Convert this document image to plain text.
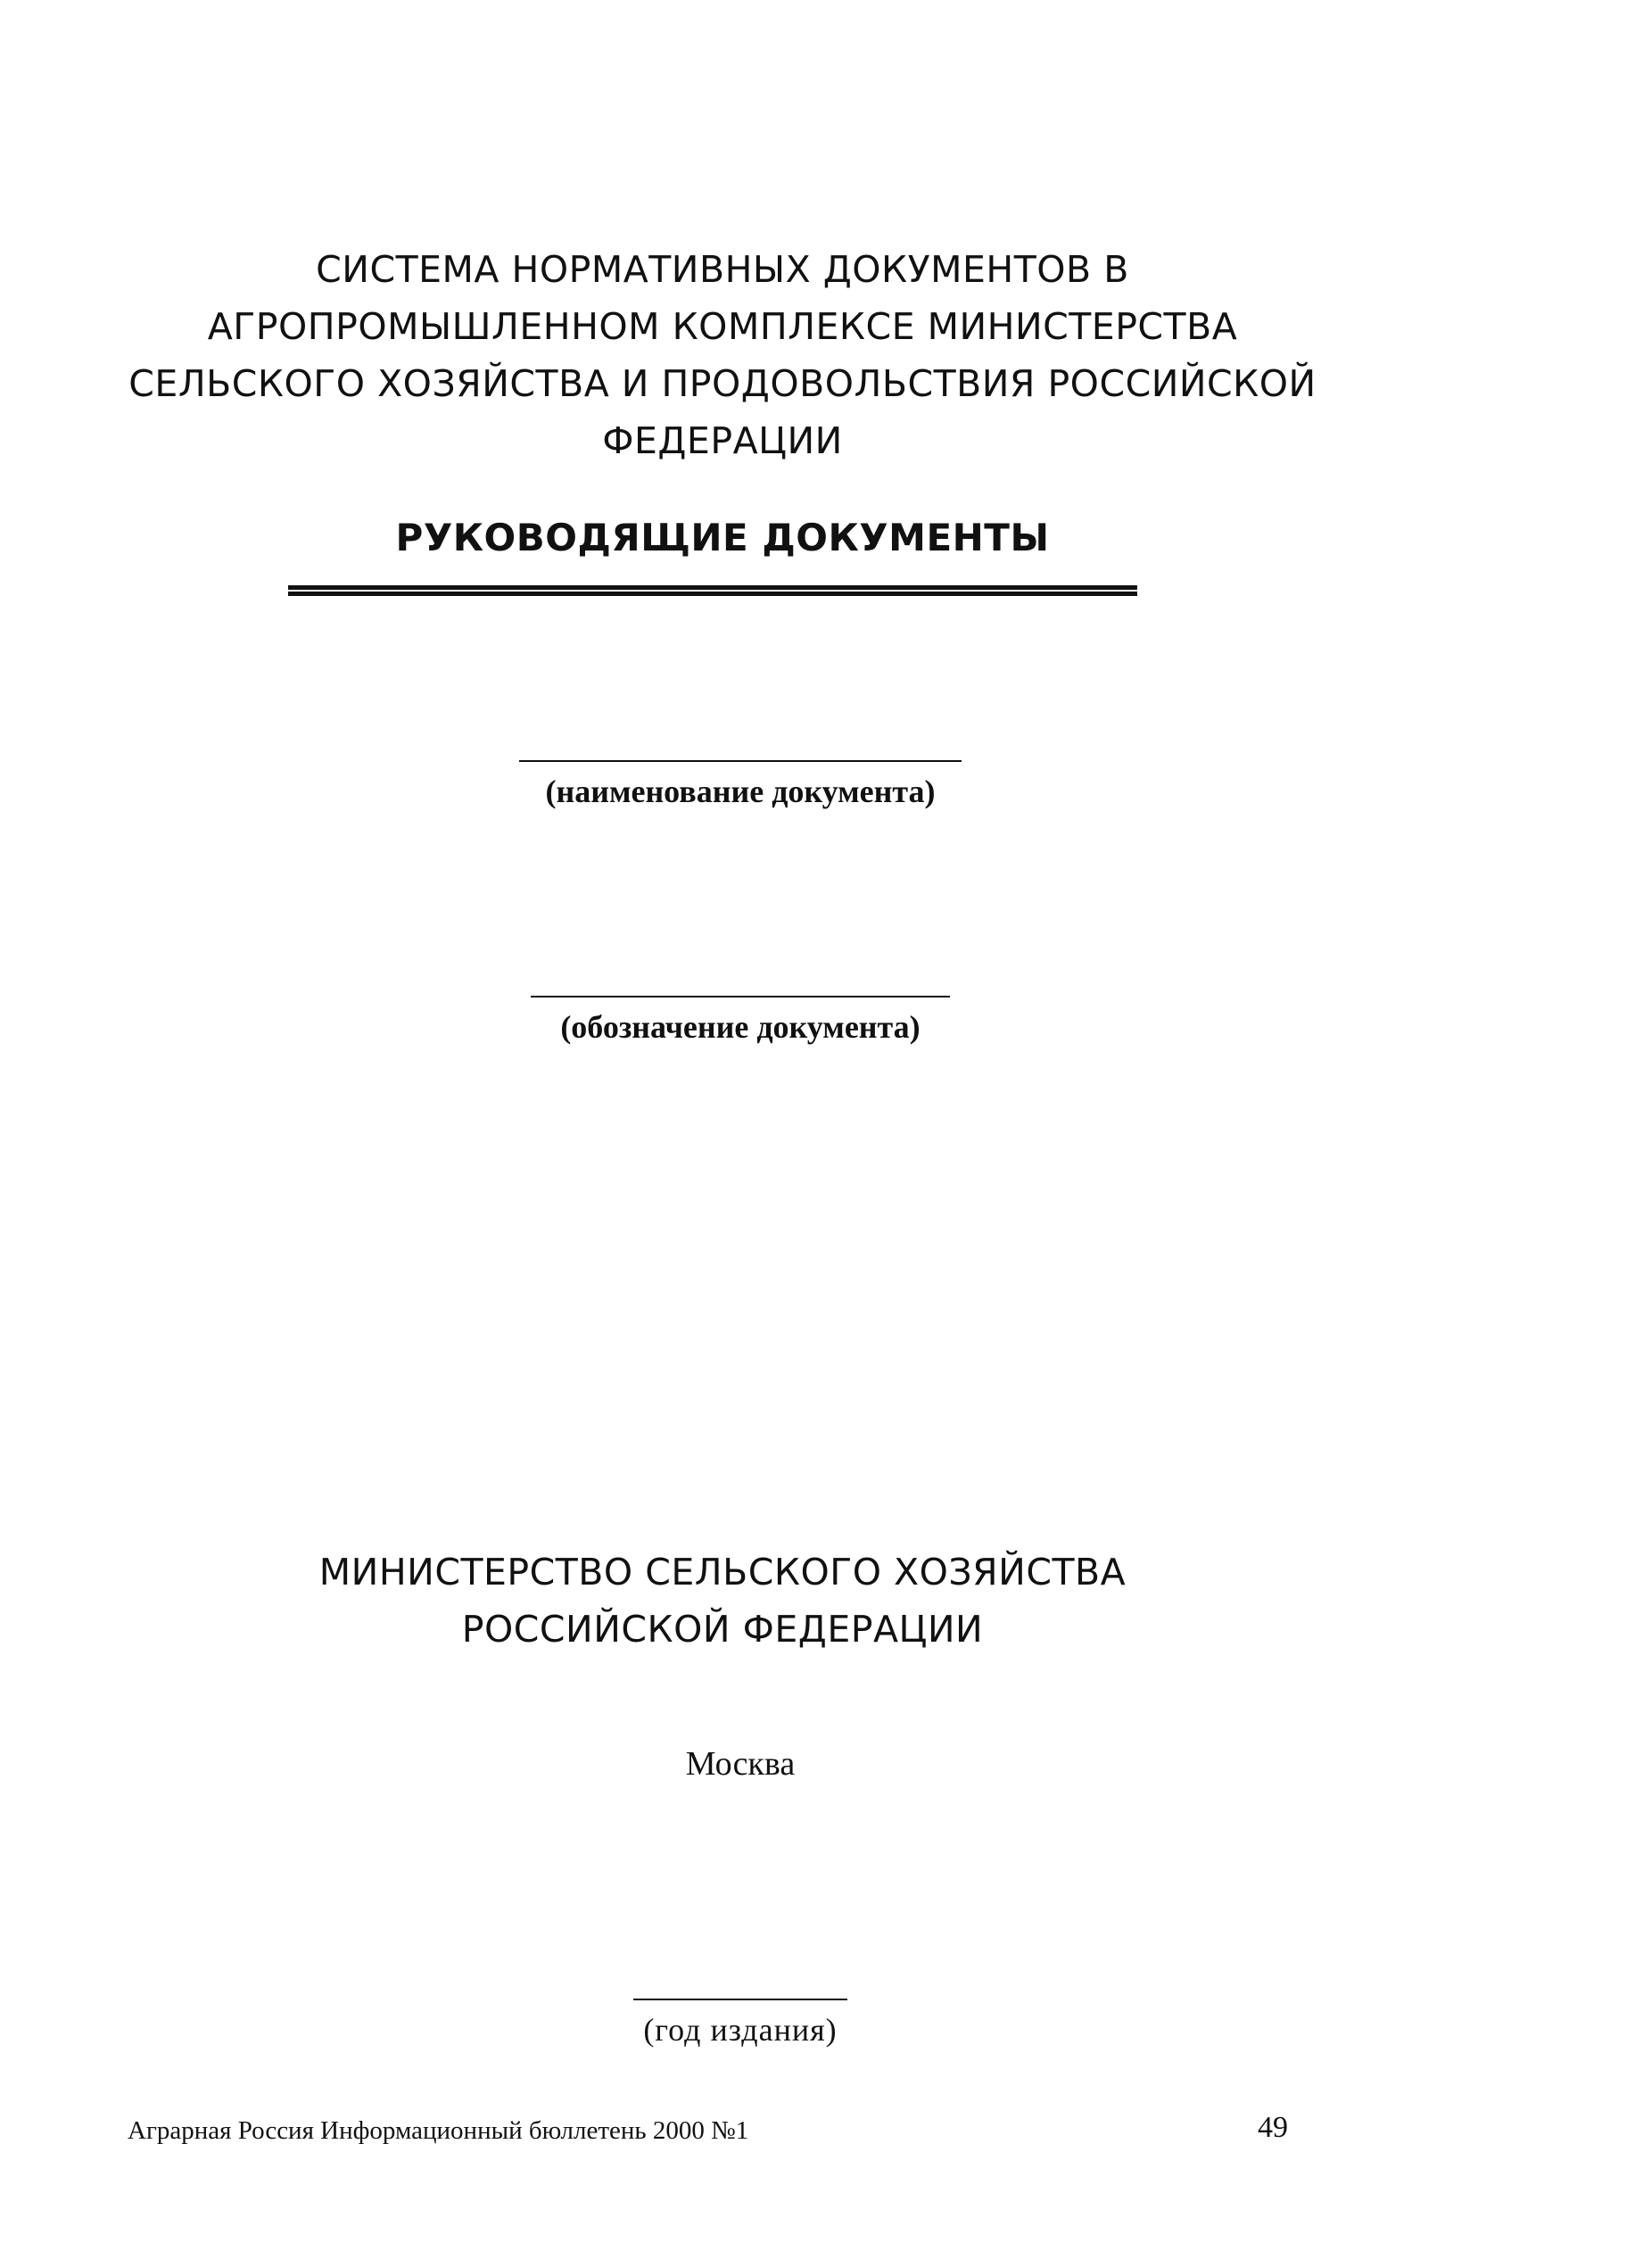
СИСТЕМА НОРМАТИВНЫХ ДОКУМЕНТОВ В
АГРОПРОМЫШЛЕННОМ КОМПЛЕКСЕ МИНИСТЕРСТВА
СЕЛЬСКОГО ХОЗЯЙСТВА И ПРОДОВОЛЬСТВИЯ РОССИЙСКОЙ
ФЕДЕРАЦИИ
РУКОВОДЯЩИЕ ДОКУМЕНТЫ
(наименование документа)
(обозначение документа)
МИНИСТЕРСТВО СЕЛЬСКОГО ХОЗЯЙСТВА
РОССИЙСКОЙ ФЕДЕРАЦИИ
Москва
(год издания)
Аграрная Россия Информационный бюллетень 2000 №1	49
